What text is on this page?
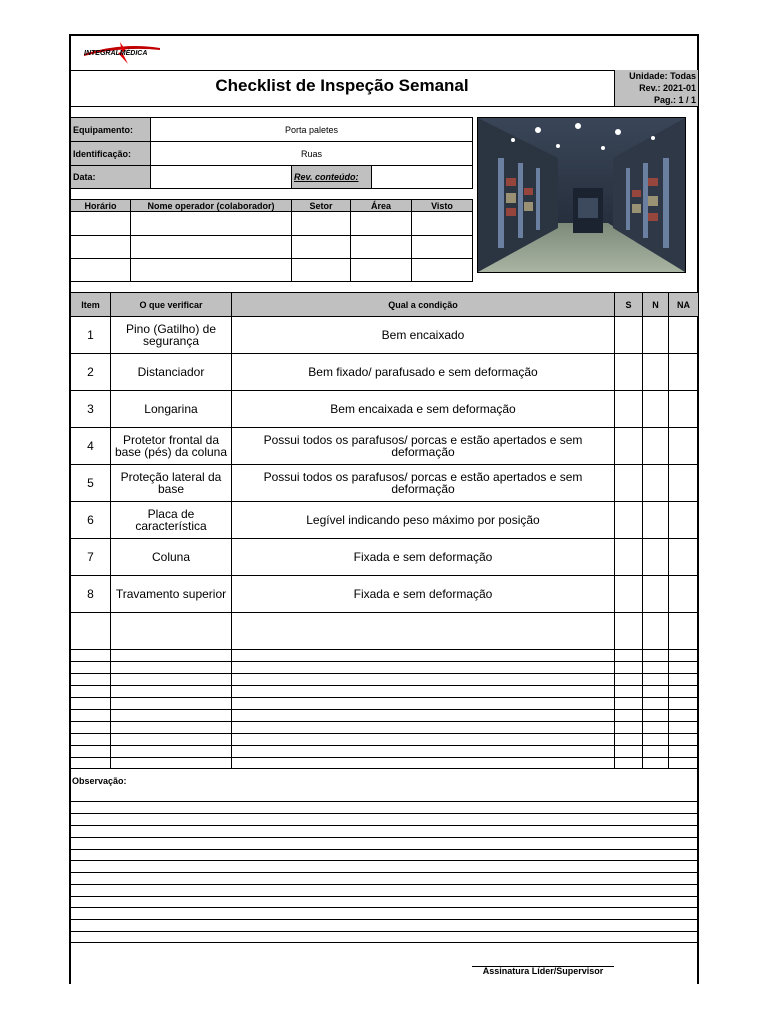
INTEGRALMÉDICA
Checklist de Inspeção Semanal	Unidade: Todas
Rev.: 2021-01
Pag.: 1 / 1
Equipamento:	Porta paletes		
Identificação:	Ruas		
Data:		Rev. conteúdo:	
Horário	Nome operador (colaborador)	Setor	Área	Visto

Item	O que verificar	Qual a condição	S	N	NA
1	Pino (Gatilho) de segurança	Bem encaixado			
2	Distanciador	Bem fixado/ parafusado e sem deformação			
3	Longarina	Bem encaixada e sem deformação			
4	Protetor frontal da base (pés) da coluna	Possui todos os parafusos/ porcas e estão apertados e sem deformação			
5	Proteção lateral da base	Possui todos os parafusos/ porcas e estão apertados e sem deformação			
6	Placa de característica	Legível indicando peso máximo por posição			
7	Coluna	Fixada e sem deformação			
8	Travamento superior	Fixada e sem deformação			

Observação:
Assinatura Líder/Supervisor
